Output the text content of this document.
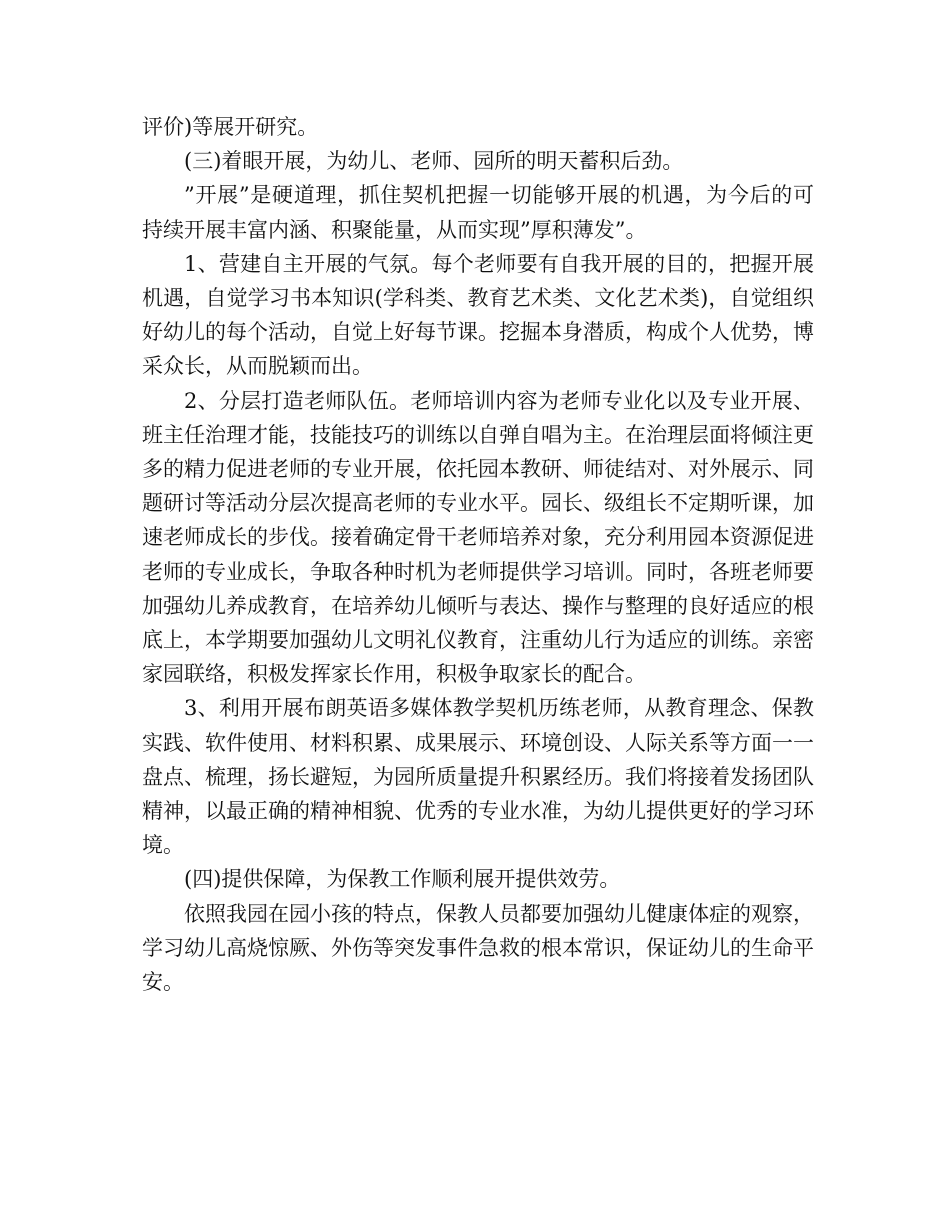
评价)等展开研究。

(三)着眼开展，为幼儿、老师、园所的明天蓄积后劲。

”开展”是硬道理，抓住契机把握一切能够开展的机遇，为今后的可持续开展丰富内涵、积聚能量，从而实现”厚积薄发”。

1、营建自主开展的气氛。每个老师要有自我开展的目的，把握开展机遇，自觉学习书本知识(学科类、教育艺术类、文化艺术类)，自觉组织好幼儿的每个活动，自觉上好每节课。挖掘本身潜质，构成个人优势，博采众长，从而脱颖而出。

2、分层打造老师队伍。老师培训内容为老师专业化以及专业开展、班主任治理才能，技能技巧的训练以自弹自唱为主。在治理层面将倾注更多的精力促进老师的专业开展，依托园本教研、师徒结对、对外展示、同题研讨等活动分层次提高老师的专业水平。园长、级组长不定期听课，加速老师成长的步伐。接着确定骨干老师培养对象，充分利用园本资源促进老师的专业成长，争取各种时机为老师提供学习培训。同时，各班老师要加强幼儿养成教育，在培养幼儿倾听与表达、操作与整理的良好适应的根底上，本学期要加强幼儿文明礼仪教育，注重幼儿行为适应的训练。亲密家园联络，积极发挥家长作用，积极争取家长的配合。

3、利用开展布朗英语多媒体教学契机历练老师，从教育理念、保教实践、软件使用、材料积累、成果展示、环境创设、人际关系等方面一一盘点、梳理，扬长避短，为园所质量提升积累经历。我们将接着发扬团队精神，以最正确的精神相貌、优秀的专业水准，为幼儿提供更好的学习环境。

(四)提供保障，为保教工作顺利展开提供效劳。

依照我园在园小孩的特点，保教人员都要加强幼儿健康体症的观察，学习幼儿高烧惊厥、外伤等突发事件急救的根本常识，保证幼儿的生命平安。
